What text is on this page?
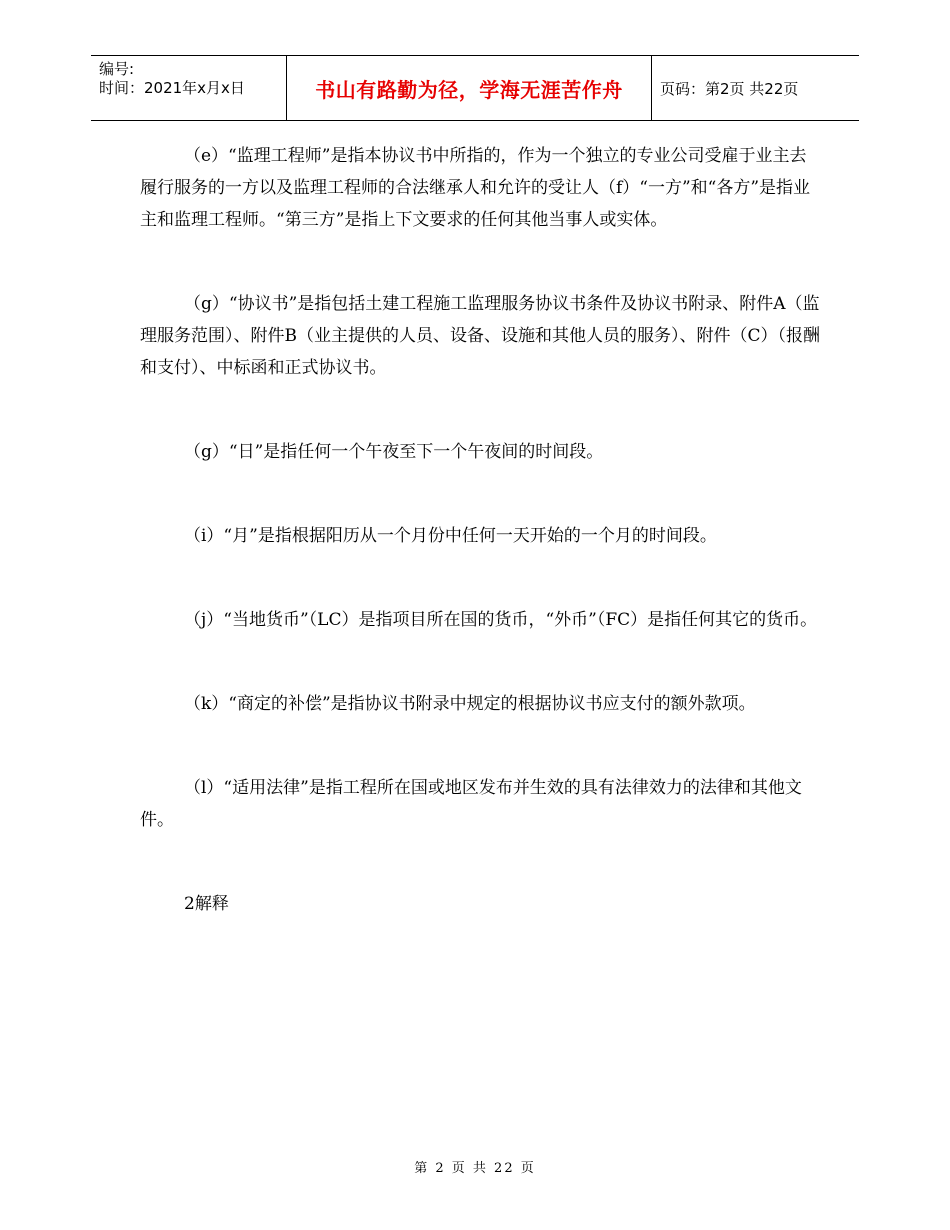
编号:
时间：2021年x月x日	书山有路勤为径，学海无涯苦作舟	页码：第2页 共22页

（e）“监理工程师”是指本协议书中所指的，作为一个独立的专业公司受雇于业主去履行服务的一方以及监理工程师的合法继承人和允许的受让人（f）“一方”和“各方”是指业主和监理工程师。“第三方”是指上下文要求的任何其他当事人或实体。

（g）“协议书”是指包括土建工程施工监理服务协议书条件及协议书附录、附件A（监理服务范围）、附件B（业主提供的人员、设备、设施和其他人员的服务）、附件（C）（报酬和支付）、中标函和正式协议书。

（g）“日”是指任何一个午夜至下一个午夜间的时间段。

（i）“月”是指根据阳历从一个月份中任何一天开始的一个月的时间段。

（j）“当地货币”（LC）是指项目所在国的货币，“外币”（FC）是指任何其它的货币。

（k）“商定的补偿”是指协议书附录中规定的根据协议书应支付的额外款项。

（l）“适用法律”是指工程所在国或地区发布并生效的具有法律效力的法律和其他文件。

2解释

第 2 页 共 22 页
